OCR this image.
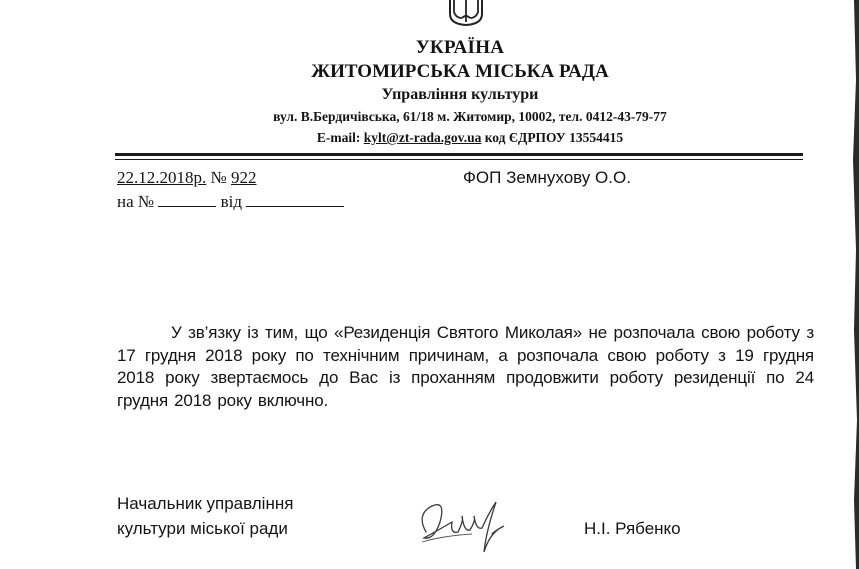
УКРАЇНА
ЖИТОМИРСЬКА МІСЬКА РАДА
Управління культури
вул. В.Бердичівська, 61/18 м. Житомир, 10002, тел. 0412-43-79-77
E-mail: kylt@zt-rada.gov.ua код ЄДРПОУ 13554415
22.12.2018р. № 922
на №	від
ФОП Земнухову О.О.
У зв’язку із тим, що «Резиденція Святого Миколая» не розпочала свою роботу з 17 грудня 2018 року по технічним причинам, а розпочала свою роботу з 19 грудня 2018 року звертаємось до Вас із проханням продовжити роботу резиденції по 24 грудня 2018 року включно.
Начальник управління
культури міської ради	Н.І. Рябенко
